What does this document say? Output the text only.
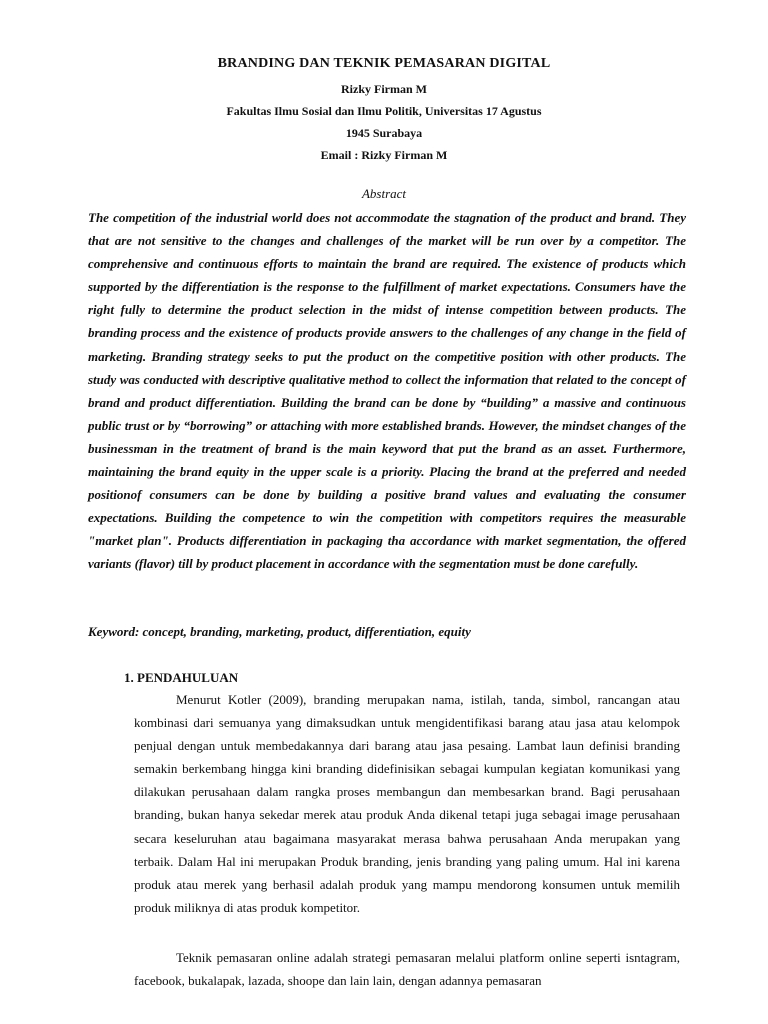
BRANDING DAN TEKNIK PEMASARAN DIGITAL
Rizky Firman M
Fakultas Ilmu Sosial dan Ilmu Politik, Universitas 17 Agustus
1945 Surabaya
Email : Rizky Firman M
Abstract

The competition of the industrial world does not accommodate the stagnation of the product and brand. They that are not sensitive to the changes and challenges of the market will be run over by a competitor. The comprehensive and continuous efforts to maintain the brand are required. The existence of products which supported by the differentiation is the response to the fulfillment of market expectations. Consumers have the right fully to determine the product selection in the midst of intense competition between products. The branding process and the existence of products provide answers to the challenges of any change in the field of marketing. Branding strategy seeks to put the product on the competitive position with other products. The study was conducted with descriptive qualitative method to collect the information that related to the concept of brand and product differentiation. Building the brand can be done by “building” a massive and continuous public trust or by “borrowing” or attaching with more established brands. However, the mindset changes of the businessman in the treatment of brand is the main keyword that put the brand as an asset. Furthermore, maintaining the brand equity in the upper scale is a priority. Placing the brand at the preferred and needed positionof consumers can be done by building a positive brand values and evaluating the consumer expectations. Building the competence to win the competition with competitors requires the measurable "market plan". Products differentiation in packaging tha accordance with market segmentation, the offered variants (flavor) till by product placement in accordance with the segmentation must be done carefully.

Keyword: concept, branding, marketing, product, differentiation, equity

1. PENDAHULUAN

Menurut Kotler (2009), branding merupakan nama, istilah, tanda, simbol, rancangan atau kombinasi dari semuanya yang dimaksudkan untuk mengidentifikasi barang atau jasa atau kelompok penjual dengan untuk membedakannya dari barang atau jasa pesaing. Lambat laun definisi branding semakin berkembang hingga kini branding didefinisikan sebagai kumpulan kegiatan komunikasi yang dilakukan perusahaan dalam rangka proses membangun dan membesarkan brand. Bagi perusahaan branding, bukan hanya sekedar merek atau produk Anda dikenal tetapi juga sebagai image perusahaan secara keseluruhan atau bagaimana masyarakat merasa bahwa perusahaan Anda merupakan yang terbaik. Dalam Hal ini merupakan Produk branding, jenis branding yang paling umum. Hal ini karena produk atau merek yang berhasil adalah produk yang mampu mendorong konsumen untuk memilih produk miliknya di atas produk kompetitor.

Teknik pemasaran online adalah strategi pemasaran melalui platform online seperti isntagram, facebook, bukalapak, lazada, shoope dan lain lain, dengan adannya pemasaran
